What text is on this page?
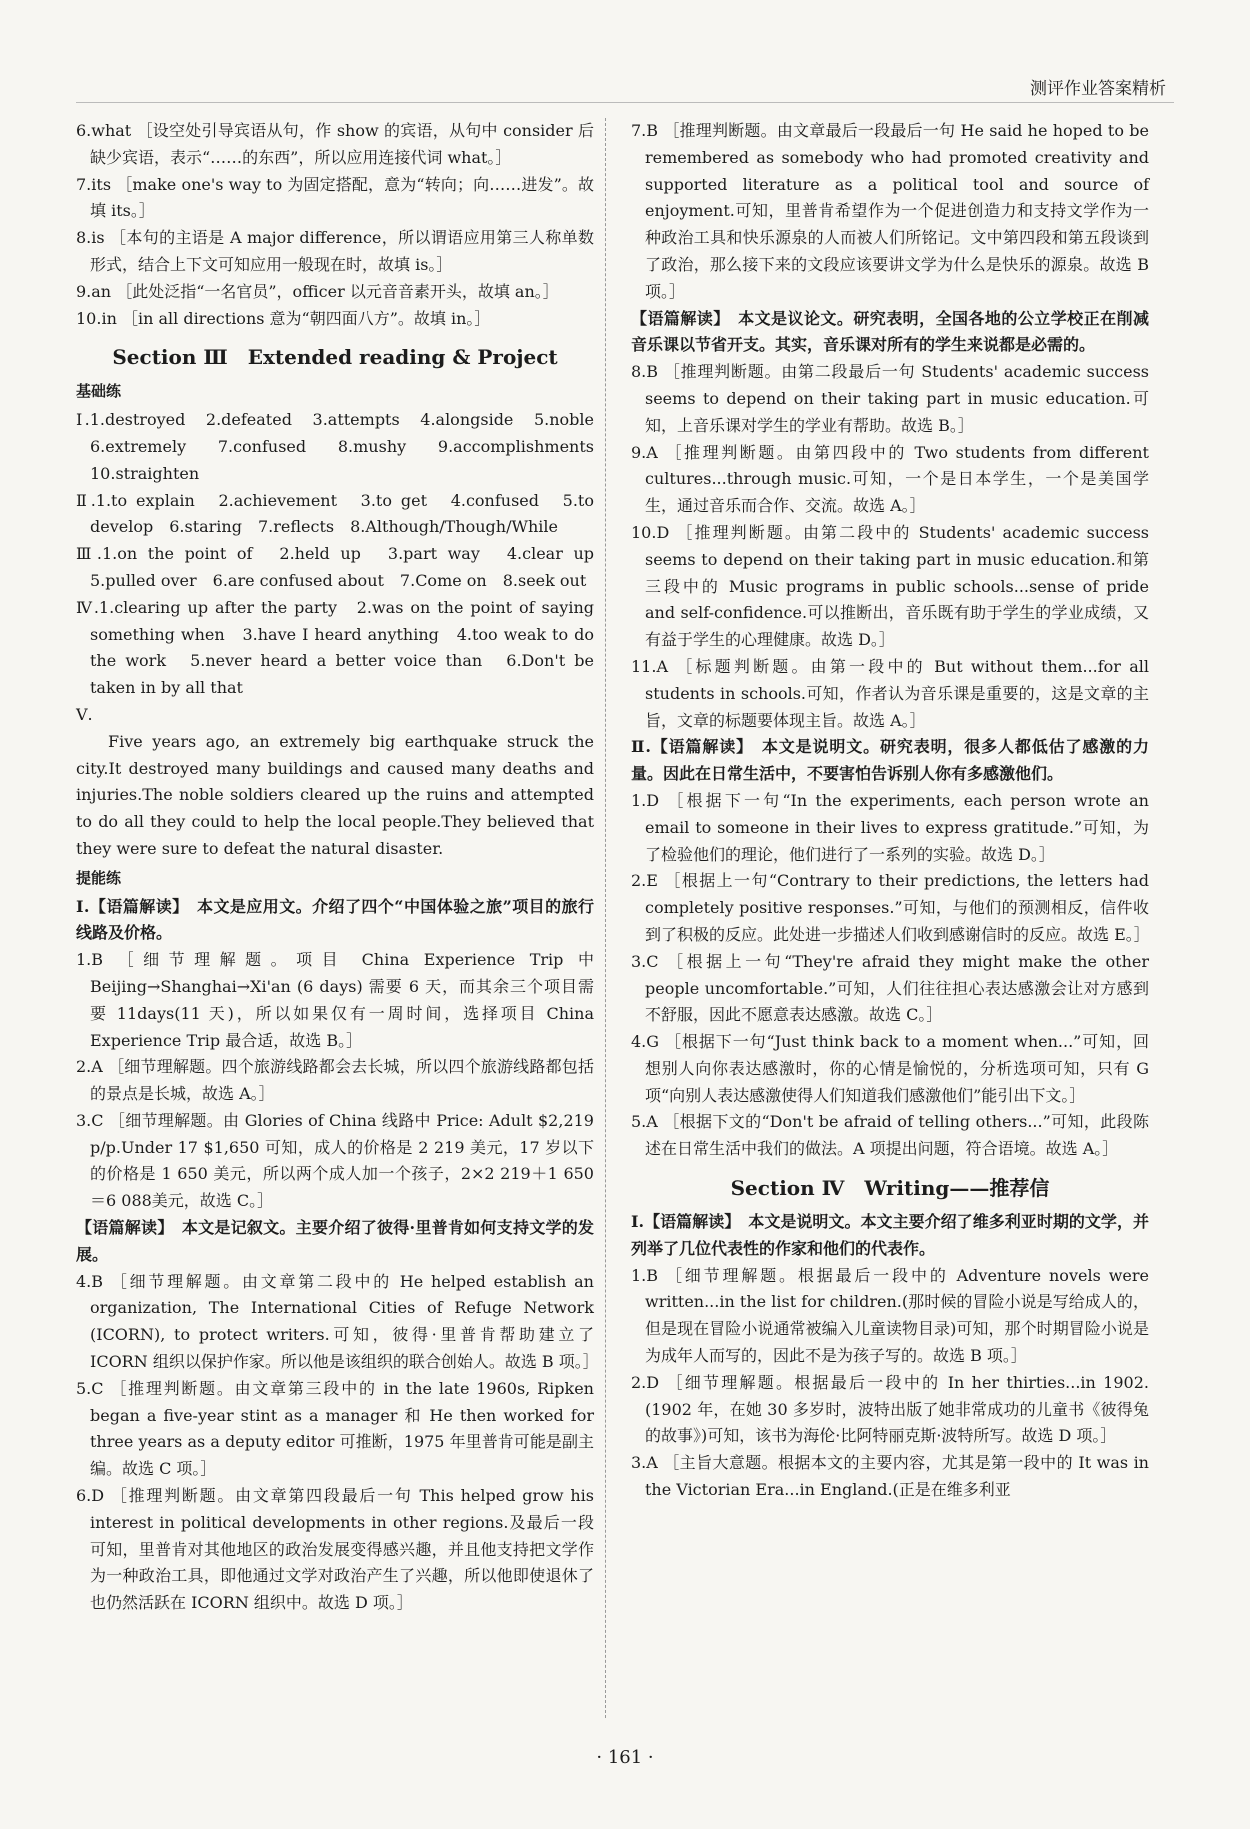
测评作业答案精析

6.what ［设空处引导宾语从句，作 show 的宾语，从句中 consider 后缺少宾语，表示“……的东西”，所以应用连接代词 what。］

7.its ［make one's way to 为固定搭配，意为“转向；向……进发”。故填 its。］

8.is ［本句的主语是 A major difference，所以谓语应用第三人称单数形式，结合上下文可知应用一般现在时，故填 is。］

9.an ［此处泛指“一名官员”，officer 以元音音素开头，故填 an。］

10.in ［in all directions 意为“朝四面八方”。故填 in。］

Section Ⅲ　Extended reading & Project

基础练

Ⅰ.1.destroyed　2.defeated　3.attempts　4.alongside　5.noble　6.extremely　7.confused　8.mushy　9.accomplishments　10.straighten

Ⅱ.1.to explain　2.achievement　3.to get　4.confused　5.to develop　6.staring　7.reflects　8.Although/Though/While

Ⅲ.1.on the point of　2.held up　3.part way　4.clear up　5.pulled over　6.are confused about　7.Come on　8.seek out

Ⅳ.1.clearing up after the party　2.was on the point of saying something when　3.have I heard anything　4.too weak to do the work　5.never heard a better voice than　6.Don't be taken in by all that

Ⅴ.

Five years ago, an extremely big earthquake struck the city.It destroyed many buildings and caused many deaths and injuries.The noble soldiers cleared up the ruins and attempted to do all they could to help the local people.They believed that they were sure to defeat the natural disaster.

提能练

Ⅰ.【语篇解读】　本文是应用文。介绍了四个“中国体验之旅”项目的旅行线路及价格。

1.B ［细节理解题。项目 China Experience Trip 中 Beijing→Shanghai→Xi'an (6 days) 需要 6 天，而其余三个项目需要 11days(11 天)，所以如果仅有一周时间，选择项目 China Experience Trip 最合适，故选 B。］

2.A ［细节理解题。四个旅游线路都会去长城，所以四个旅游线路都包括的景点是长城，故选 A。］

3.C ［细节理解题。由 Glories of China 线路中 Price: Adult $2,219 p/p.Under 17 $1,650 可知，成人的价格是 2 219 美元，17 岁以下的价格是 1 650 美元，所以两个成人加一个孩子，2×2 219＋1 650＝6 088美元，故选 C。］

【语篇解读】　本文是记叙文。主要介绍了彼得·里普肯如何支持文学的发展。

4.B ［细节理解题。由文章第二段中的 He helped establish an organization, The International Cities of Refuge Network (ICORN), to protect writers.可知，彼得·里普肯帮助建立了 ICORN 组织以保护作家。所以他是该组织的联合创始人。故选 B 项。］

5.C ［推理判断题。由文章第三段中的 in the late 1960s, Ripken began a five-year stint as a manager 和 He then worked for three years as a deputy editor 可推断，1975 年里普肯可能是副主编。故选 C 项。］

6.D ［推理判断题。由文章第四段最后一句 This helped grow his interest in political developments in other regions.及最后一段可知，里普肯对其他地区的政治发展变得感兴趣，并且他支持把文学作为一种政治工具，即他通过文学对政治产生了兴趣，所以他即使退休了也仍然活跃在 ICORN 组织中。故选 D 项。］

7.B ［推理判断题。由文章最后一段最后一句 He said he hoped to be remembered as somebody who had promoted creativity and supported literature as a political tool and source of enjoyment.可知，里普肯希望作为一个促进创造力和支持文学作为一种政治工具和快乐源泉的人而被人们所铭记。文中第四段和第五段谈到了政治，那么接下来的文段应该要讲文学为什么是快乐的源泉。故选 B 项。］

【语篇解读】　本文是议论文。研究表明，全国各地的公立学校正在削减音乐课以节省开支。其实，音乐课对所有的学生来说都是必需的。

8.B ［推理判断题。由第二段最后一句 Students' academic success seems to depend on their taking part in music education.可知，上音乐课对学生的学业有帮助。故选 B。］

9.A ［推理判断题。由第四段中的 Two students from different cultures...through music.可知，一个是日本学生，一个是美国学生，通过音乐而合作、交流。故选 A。］

10.D ［推理判断题。由第二段中的 Students' academic success seems to depend on their taking part in music education.和第三段中的 Music programs in public schools...sense of pride and self-confidence.可以推断出，音乐既有助于学生的学业成绩，又有益于学生的心理健康。故选 D。］

11.A ［标题判断题。由第一段中的 But without them...for all students in schools.可知，作者认为音乐课是重要的，这是文章的主旨，文章的标题要体现主旨。故选 A。］

Ⅱ.【语篇解读】　本文是说明文。研究表明，很多人都低估了感激的力量。因此在日常生活中，不要害怕告诉别人你有多感激他们。

1.D ［根据下一句“In the experiments, each person wrote an email to someone in their lives to express gratitude.”可知，为了检验他们的理论，他们进行了一系列的实验。故选 D。］

2.E ［根据上一句“Contrary to their predictions, the letters had completely positive responses.”可知，与他们的预测相反，信件收到了积极的反应。此处进一步描述人们收到感谢信时的反应。故选 E。］

3.C ［根据上一句“They're afraid they might make the other people uncomfortable.”可知，人们往往担心表达感激会让对方感到不舒服，因此不愿意表达感激。故选 C。］

4.G ［根据下一句“Just think back to a moment when...”可知，回想别人向你表达感激时，你的心情是愉悦的，分析选项可知，只有 G 项“向别人表达感激使得人们知道我们感激他们”能引出下文。］

5.A ［根据下文的“Don't be afraid of telling others...”可知，此段陈述在日常生活中我们的做法。A 项提出问题，符合语境。故选 A。］

Section Ⅳ　Writing——推荐信

Ⅰ.【语篇解读】　本文是说明文。本文主要介绍了维多利亚时期的文学，并列举了几位代表性的作家和他们的代表作。

1.B ［细节理解题。根据最后一段中的 Adventure novels were written...in the list for children.(那时候的冒险小说是写给成人的，但是现在冒险小说通常被编入儿童读物目录)可知，那个时期冒险小说是为成年人而写的，因此不是为孩子写的。故选 B 项。］

2.D ［细节理解题。根据最后一段中的 In her thirties...in 1902.(1902 年，在她 30 多岁时，波特出版了她非常成功的儿童书《彼得兔的故事》)可知，该书为海伦·比阿特丽克斯·波特所写。故选 D 项。］

3.A ［主旨大意题。根据本文的主要内容，尤其是第一段中的 It was in the Victorian Era...in England.(正是在维多利亚

· 161 ·
